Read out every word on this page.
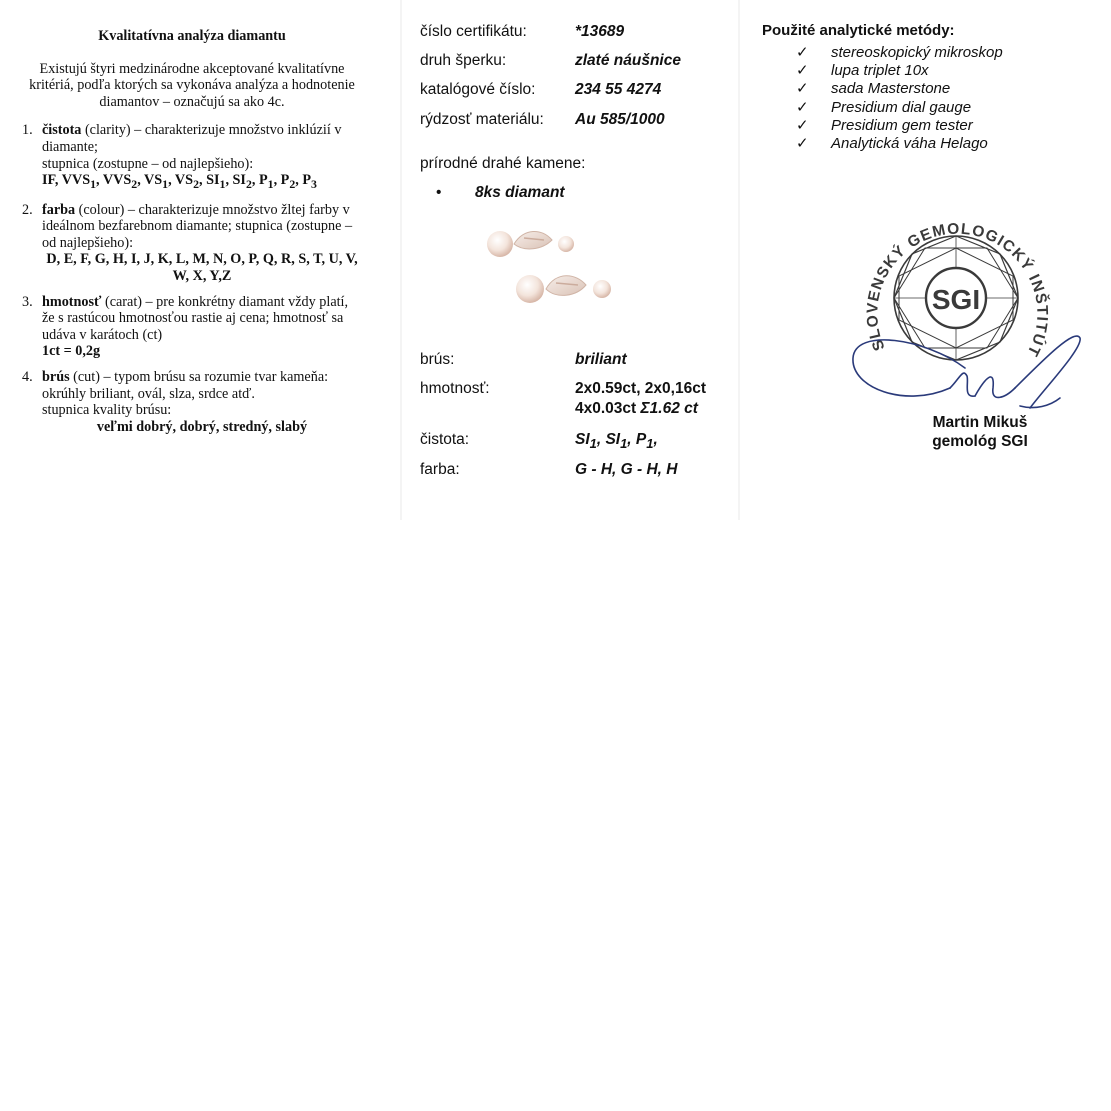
Kvalitatívna analýza diamantu
Existujú štyri medzinárodne akceptované kvalitatívne kritériá, podľa ktorých sa vykonáva analýza a hodnotenie diamantov – označujú sa ako 4c.
1. čistota (clarity) – charakterizuje množstvo inklúzií v diamante;
stupnica (zostupne – od najlepšieho):
IF, $VVS_1$, $VVS_2$, $VS_1$, $VS_2$, $SI_1$, $SI_2$, $P_1$, $P_2$, $P_3$
2. farba (colour) – charakterizuje množstvo žltej farby v ideálnom bezfarebnom diamante; stupnica (zostupne – od najlepšieho):
D, E, F, G, H, I, J, K, L, M, N, O, P, Q, R, S, T, U, V, W, X, Y,Z
3. hmotnosť (carat) – pre konkrétny diamant vždy platí, že s rastúcou hmotnosťou rastie aj cena; hmotnosť sa udáva v karátoch (ct)
1ct = 0,2g
4. brús (cut) – typom brúsu sa rozumie tvar kameňa: okrúhly briliant, ovál, slza, srdce atď.
stupnica kvality brúsu:
veľmi dobrý, dobrý, stredný, slabý
číslo certifikátu:	*13689
druh šperku:	zlaté náušnice
katalógové číslo:	234 55 4274
rýdzosť materiálu: Au 585/1000
prírodné drahé kamene:
• 8ks diamant
brús:	briliant
hmotnosť:	2x0.59ct, 2x0,16ct
4x0.03ct Σ1.62 ct
čistota:	$SI_1$, $SI_1$, $P_1$,
farba:	G - H, G - H, H
Použité analytické metódy:
✓ stereoskopický mikroskop
✓ lupa triplet 10x
✓ sada Masterstone
✓ Presidium dial gauge
✓ Presidium gem tester
✓ Analytická váha Helago
SGI
SLOVENSKÝ GEMOLOGICKÝ INŠTITÚT
Martin Mikuš
gemológ SGI
